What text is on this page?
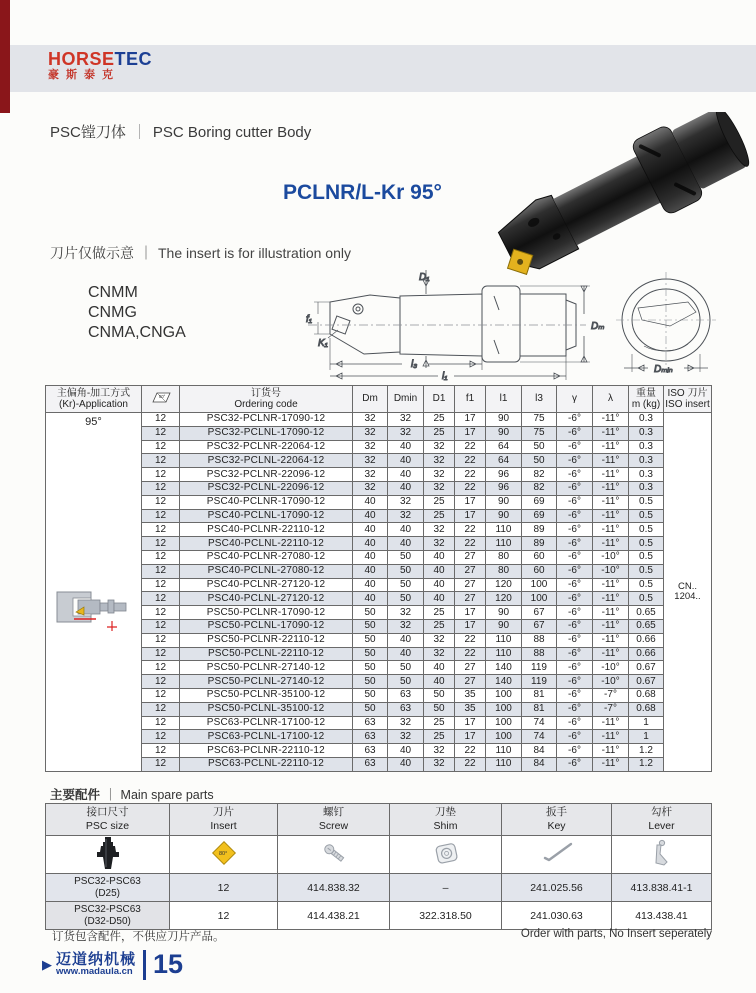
HORSETEC
豪斯泰克
PSC镗刀体 ｜ PSC Boring cutter Body
PCLNR/L-Kr 95°
刀片仅做示意 ｜ The insert is for illustration only
CNMM
CNMG
CNMA,CNGA
D₁
Dₘ
f₁
K₁
l₃
l₁
Dₘᵢₙ
主偏角-加工方式
(Kr)-Application

80°	订货号
Ordering code
	Dm	Dmin	D1	f1	l1	l3	γ	λ	
重量
m (kg)

ISO 刀片
ISO insert

95°	12	PSC32-PCLNR-17090-12	32	32	25	17	90	75	-6°	-11°	0.3	CN.. 1204..
	12	PSC32-PCLNL-17090-12	32	32	25	17	90	75	-6°	-11°	0.3	
	12	PSC32-PCLNR-22064-12	32	40	32	22	64	50	-6°	-11°	0.3	
	12	PSC32-PCLNL-22064-12	32	40	32	22	64	50	-6°	-11°	0.3	
	12	PSC32-PCLNR-22096-12	32	40	32	22	96	82	-6°	-11°	0.3	
	12	PSC32-PCLNL-22096-12	32	40	32	22	96	82	-6°	-11°	0.3	
	12	PSC40-PCLNR-17090-12	40	32	25	17	90	69	-6°	-11°	0.5	
	12	PSC40-PCLNL-17090-12	40	32	25	17	90	69	-6°	-11°	0.5	
	12	PSC40-PCLNR-22110-12	40	40	32	22	110	89	-6°	-11°	0.5	
	12	PSC40-PCLNL-22110-12	40	40	32	22	110	89	-6°	-11°	0.5	
	12	PSC40-PCLNR-27080-12	40	50	40	27	80	60	-6°	-10°	0.5	
	12	PSC40-PCLNL-27080-12	40	50	40	27	80	60	-6°	-10°	0.5	
	12	PSC40-PCLNR-27120-12	40	50	40	27	120	100	-6°	-11°	0.5	
	12	PSC40-PCLNL-27120-12	40	50	40	27	120	100	-6°	-11°	0.5	
	12	PSC50-PCLNR-17090-12	50	32	25	17	90	67	-6°	-11°	0.65	
	12	PSC50-PCLNL-17090-12	50	32	25	17	90	67	-6°	-11°	0.65	
	12	PSC50-PCLNR-22110-12	50	40	32	22	110	88	-6°	-11°	0.66	
	12	PSC50-PCLNL-22110-12	50	40	32	22	110	88	-6°	-11°	0.66	
	12	PSC50-PCLNR-27140-12	50	50	40	27	140	119	-6°	-10°	0.67	
	12	PSC50-PCLNL-27140-12	50	50	40	27	140	119	-6°	-10°	0.67	
	12	PSC50-PCLNR-35100-12	50	63	50	35	100	81	-6°	-7°	0.68	
	12	PSC50-PCLNL-35100-12	50	63	50	35	100	81	-6°	-7°	0.68	
	12	PSC63-PCLNR-17100-12	63	32	25	17	100	74	-6°	-11°	1	
	12	PSC63-PCLNL-17100-12	63	32	25	17	100	74	-6°	-11°	1	
	12	PSC63-PCLNR-22110-12	63	40	32	22	110	84	-6°	-11°	1.2	
	12	PSC63-PCLNL-22110-12	63	40	32	22	110	84	-6°	-11°	1.2	
主要配件 ｜ Main spare parts
接口尺寸
PSC size

刀片
Insert

螺钉
Screw

刀垫
Shim

扳手
Key

勾杆
Lever

80°

PSC32-PSC63
(D25)	12	414.838.32	–	241.025.56	413.838.41-1

PSC32-PSC63
(D32-D50)	12	414.438.21	322.318.50	241.030.63	413.438.41
订货包含配件，不供应刀片产品。	Order with parts, No Insert seperately
▶ 迈道纳机械
www.madaula.cn 15
